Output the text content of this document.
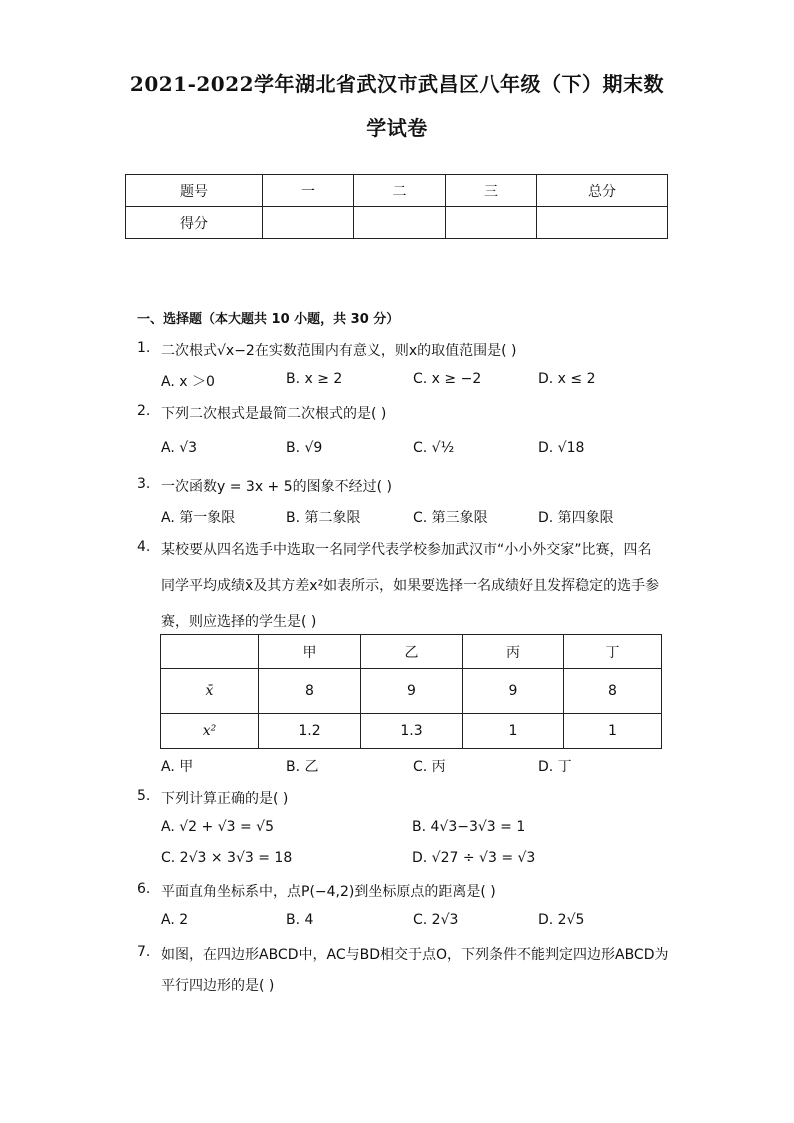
2021-2022学年湖北省武汉市武昌区八年级（下）期末数
学试卷
题号	一	二	三	总分
得分				
一、选择题（本大题共 10 小题，共 30 分）
1. 二次根式√x−2在实数范围内有意义，则x的取值范围是( )
A. x ＞0	B. x ≥ 2	C. x ≥ −2	D. x ≤ 2
2. 下列二次根式是最简二次根式的是( )
A. √3	B. √9	C. √½	D. √18
3. 一次函数y = 3x + 5的图象不经过( )
A. 第一象限	B. 第二象限	C. 第三象限	D. 第四象限
4. 某校要从四名选手中选取一名同学代表学校参加武汉市“小小外交家”比赛，四名
同学平均成绩x̄及其方差x²如表所示，如果要选择一名成绩好且发挥稳定的选手参
赛，则应选择的学生是( )
	甲	乙	丙	丁
x̄	8	9	9	8
x²	1.2	1.3	1	1
A. 甲	B. 乙	C. 丙	D. 丁
5. 下列计算正确的是( )
A. √2 + √3 = √5	B. 4√3−3√3 = 1
C. 2√3 × 3√3 = 18	D. √27 ÷ √3 = √3
6. 平面直角坐标系中，点P(−4,2)到坐标原点的距离是( )
A. 2	B. 4	C. 2√3	D. 2√5
7. 如图，在四边形ABCD中，AC与BD相交于点O，下列条件不能判定四边形ABCD为
平行四边形的是( )
